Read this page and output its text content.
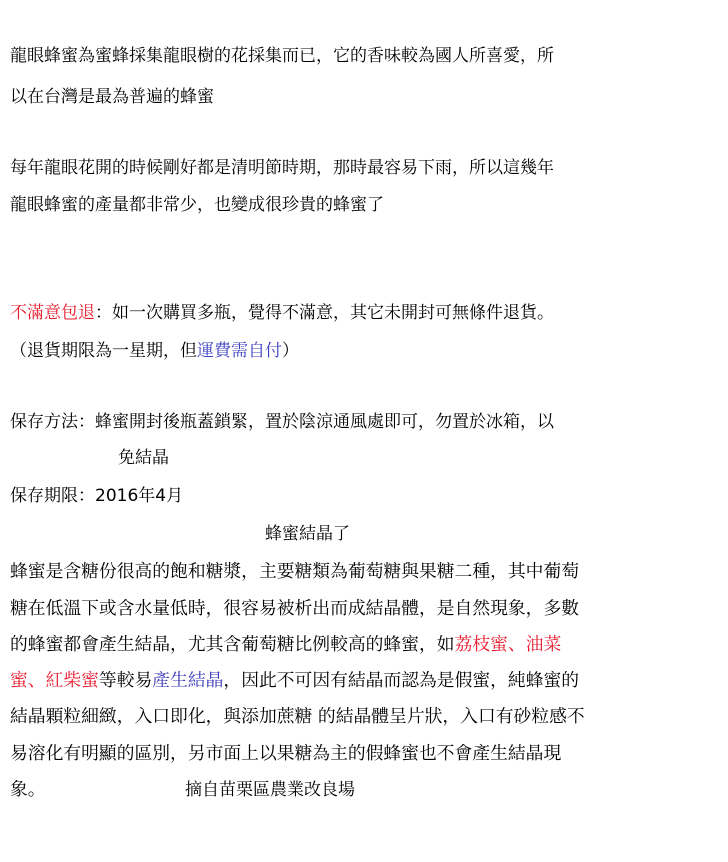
龍眼蜂蜜為蜜蜂採集龍眼樹的花採集而已，它的香味較為國人所喜愛，所
以在台灣是最為普遍的蜂蜜
每年龍眼花開的時候剛好都是清明節時期，那時最容易下雨，所以這幾年
龍眼蜂蜜的產量都非常少，也變成很珍貴的蜂蜜了
不滿意包退：如一次購買多瓶，覺得不滿意，其它未開封可無條件退貨。
（退貨期限為一星期，但運費需自付）
保存方法：蜂蜜開封後瓶蓋鎖緊，置於陰涼通風處即可，勿置於冰箱，以
免結晶
保存期限：2016年4月
蜂蜜結晶了
蜂蜜是含糖份很高的飽和糖漿，主要糖類為葡萄糖與果糖二種，其中葡萄
糖在低溫下或含水量低時，很容易被析出而成結晶體，是自然現象，多數
的蜂蜜都會產生結晶，尤其含葡萄糖比例較高的蜂蜜，如荔枝蜜、油菜
蜜、紅柴蜜等較易產生結晶，因此不可因有結晶而認為是假蜜，純蜂蜜的
結晶顆粒細緻，入口即化，與添加蔗糖 的結晶體呈片狀，入口有砂粒感不
易溶化有明顯的區別，另市面上以果糖為主的假蜂蜜也不會產生結晶現
象。	摘自苗栗區農業改良場
